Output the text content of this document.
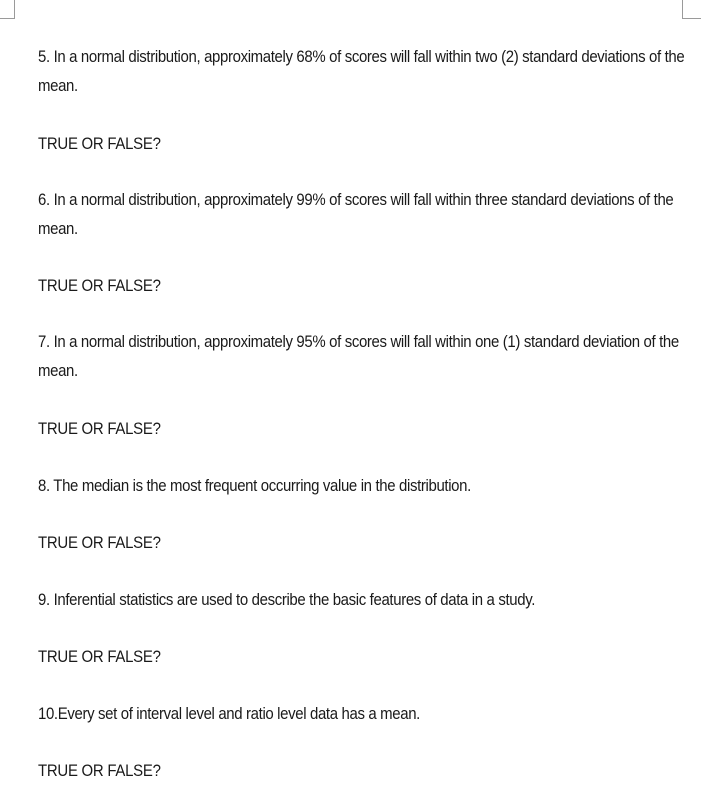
5. In a normal distribution, approximately 68% of scores will fall within two (2) standard deviations of the mean.
TRUE OR FALSE?
6. In a normal distribution, approximately 99% of scores will fall within three standard deviations of the mean.
TRUE OR FALSE?
7. In a normal distribution, approximately 95% of scores will fall within one (1) standard deviation of the mean.
TRUE OR FALSE?
8. The median is the most frequent occurring value in the distribution.
TRUE OR FALSE?
9. Inferential statistics are used to describe the basic features of data in a study.
TRUE OR FALSE?
10.Every set of interval level and ratio level data has a mean.
TRUE OR FALSE?
